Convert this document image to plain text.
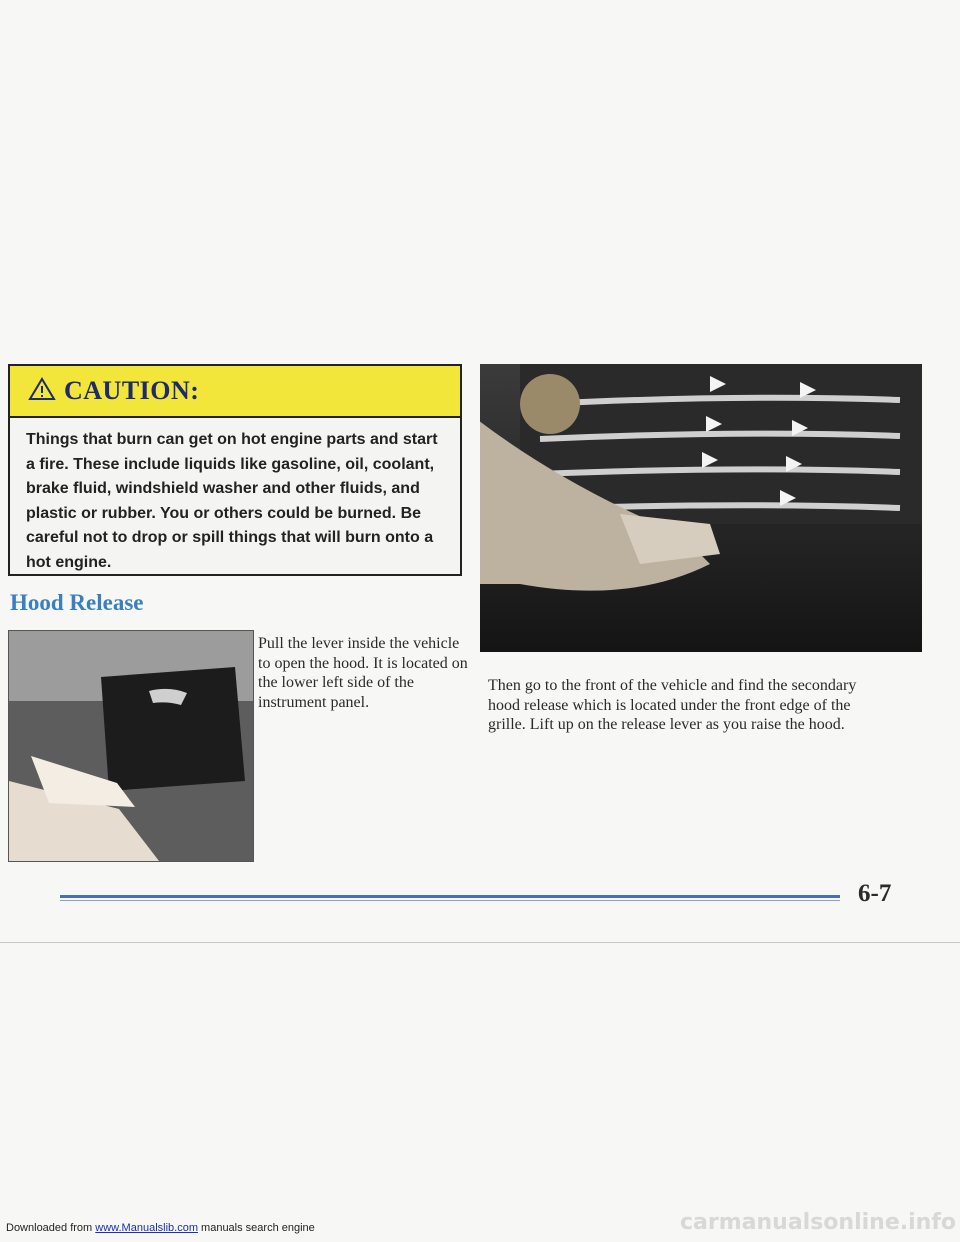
CAUTION:
Things that burn can get on hot engine parts and start a fire. These include liquids like gasoline, oil, coolant, brake fluid, windshield washer and other fluids, and plastic or rubber. You or others could be burned. Be careful not to drop or spill things that will burn onto a hot engine.
Hood Release
Pull the lever inside the vehicle to open the hood. It is located on the lower left side of the instrument panel.
Then go to the front of the vehicle and find the secondary hood release which is located under the front edge of the grille. Lift up on the release lever as you raise the hood.
6-7
Downloaded from www.Manualslib.com manuals search engine	carmanualsonline.info
